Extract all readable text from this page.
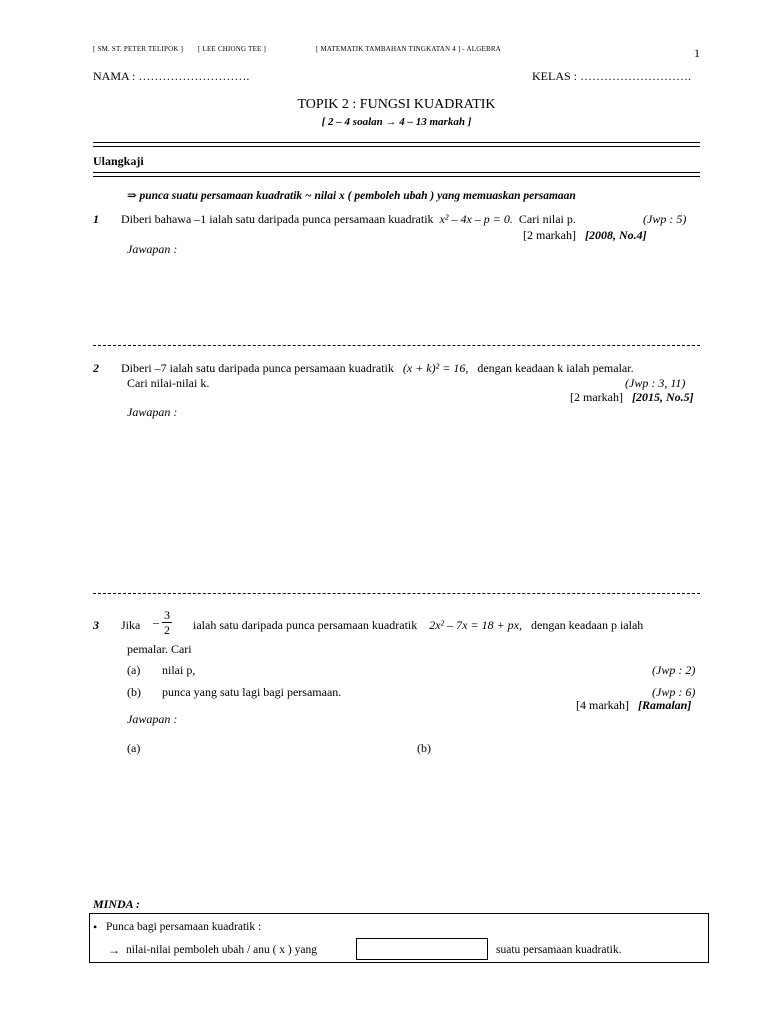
[ SM. ST. PETER TELIPOK ] [ LEE CHIONG TEE ]	[ MATEMATIK TAMBAHAN TINGKATAN 4 ] - ALGEBRA	1
NAMA : ……………………….	KELAS : ……………………….
TOPIK 2 : FUNGSI KUADRATIK
[ 2 – 4 soalan → 4 – 13 markah ]
Ulangkaji
⇒ punca suatu persamaan kuadratik ~ nilai x ( pemboleh ubah ) yang memuaskan persamaan
1 Diberi bahawa –1 ialah satu daripada punca persamaan kuadratik x² – 4x – p = 0. Cari nilai p.	(Jwp : 5)
[2 markah] [2008, No.4]
Jawapan :
2 Diberi –7 ialah satu daripada punca persamaan kuadratik (x + k)² = 16, dengan keadaan k ialah pemalar.
Cari nilai-nilai k.	(Jwp : 3, 11)
[2 markah] [2015, No.5]
Jawapan :
3 Jika – $\frac{3}{2}$ ialah satu daripada punca persamaan kuadratik 2x² – 7x = 18 + px, dengan keadaan p ialah
pemalar. Cari
(a) nilai p,	(Jwp : 2)
(b) punca yang satu lagi bagi persamaan.	(Jwp : 6)
[4 markah] [Ramalan]
Jawapan :
(a)	(b)
MINDA :
• Punca bagi persamaan kuadratik :
→ nilai-nilai pemboleh ubah / anu ( x ) yang	suatu persamaan kuadratik.
